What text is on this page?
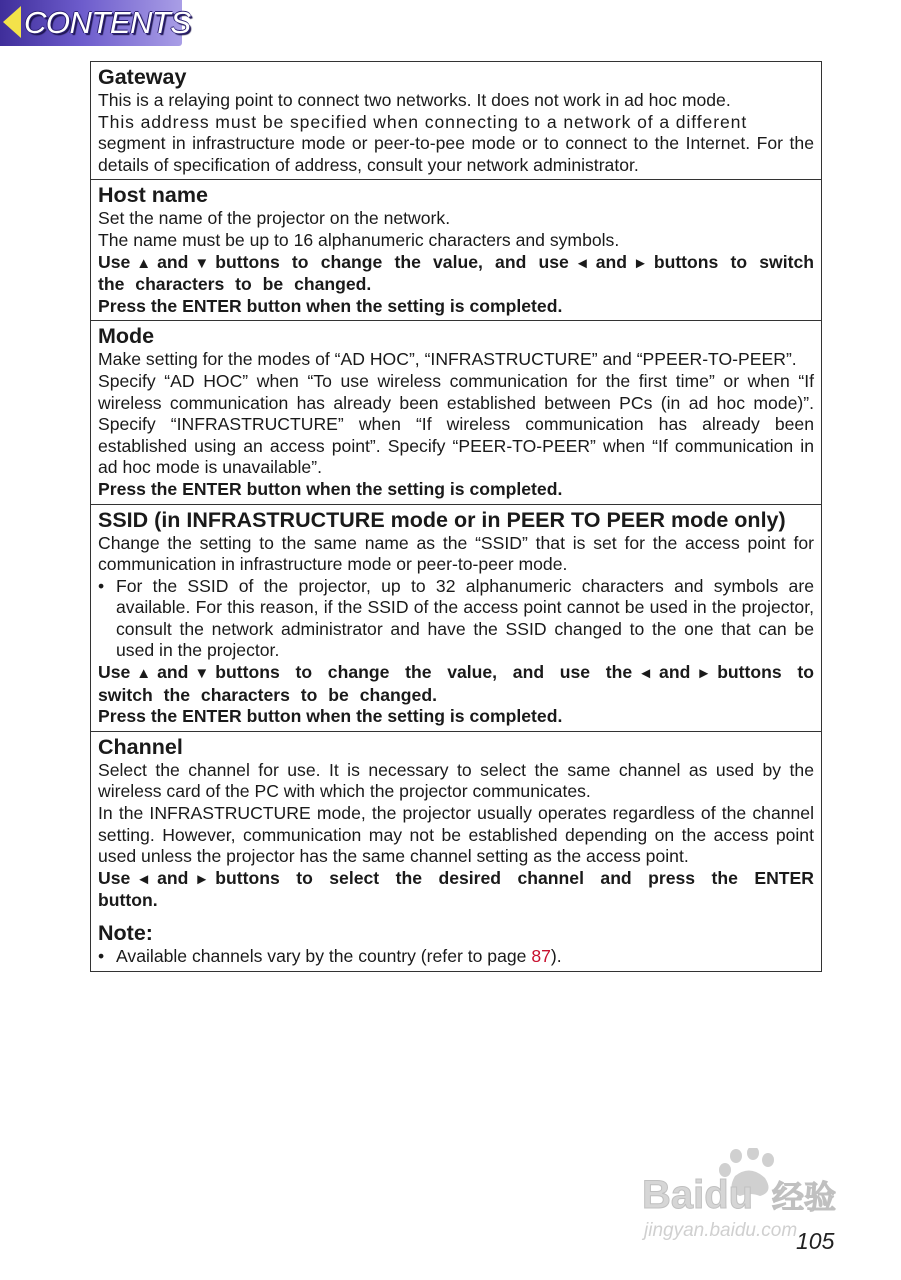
CONTENTS
Gateway

This is a relaying point to connect two networks. It does not work in ad hoc mode.

This address must be specified when connecting to a network of a different

segment in infrastructure mode or peer-to-pee mode or to connect to the Internet. For the details of specification of address, consult your network administrator.

Host name

Set the name of the projector on the network.

The name must be up to 16 alphanumeric characters and symbols.

Use ▲ and ▼ buttons to change the value, and use ◄ and ► buttons to switch the characters to be changed.

Press the ENTER button when the setting is completed.

Mode

Make setting for the modes of “AD HOC”, “INFRASTRUCTURE” and “PPEER-TO-PEER”.

Specify “AD HOC” when “To use wireless communication for the first time” or when “If wireless communication has already been established between PCs (in ad hoc mode)”. Specify “INFRASTRUCTURE” when “If wireless communication has already been established using an access point”. Specify “PEER-TO-PEER” when “If communication in ad hoc mode is unavailable”.

Press the ENTER button when the setting is completed.

SSID (in INFRASTRUCTURE mode or in PEER TO PEER mode only)

Change the setting to the same name as the “SSID” that is set for the access point for communication in infrastructure mode or peer-to-peer mode.

• For the SSID of the projector, up to 32 alphanumeric characters and symbols are available. For this reason, if the SSID of the access point cannot be used in the projector, consult the network administrator and have the SSID changed to the one that can be used in the projector.

Use ▲ and ▼ buttons to change the value, and use the ◄ and ► buttons to switch the characters to be changed.

Press the ENTER button when the setting is completed.

Channel

Select the channel for use. It is necessary to select the same channel as used by the wireless card of the PC with which the projector communicates.

In the INFRASTRUCTURE mode, the projector usually operates regardless of the channel setting. However, communication may not be established depending on the access point used unless the projector has the same channel setting as the access point.

Use ◄ and ► buttons to select the desired channel and press the ENTER button.

Note:
• Available channels vary by the country (refer to page 87).
Baidu 经验
jingyan.baidu.com
105
